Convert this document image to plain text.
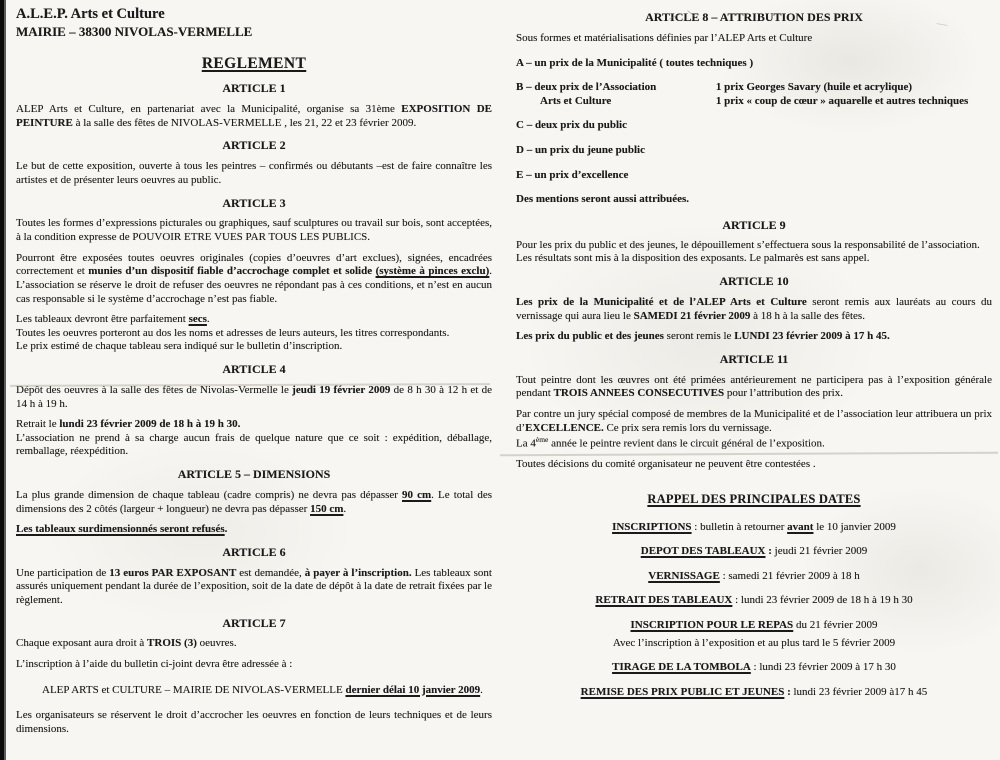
A.L.E.P. Arts et Culture
MAIRIE – 38300 NIVOLAS-VERMELLE
REGLEMENT
ARTICLE 1
ALEP Arts et Culture, en partenariat avec la Municipalité, organise sa 31ème EXPOSITION DE PEINTURE à la salle des fêtes de NIVOLAS-VERMELLE , les 21, 22 et 23 février 2009.
ARTICLE 2
Le but de cette exposition, ouverte à tous les peintres – confirmés ou débutants –est de faire connaître les artistes et de présenter leurs oeuvres au public.
ARTICLE 3
Toutes les formes d’expressions picturales ou graphiques, sauf sculptures ou travail sur bois, sont acceptées, à la condition expresse de POUVOIR ETRE VUES PAR TOUS LES PUBLICS.
Pourront être exposées toutes oeuvres originales (copies d’oeuvres d’art exclues), signées, encadrées correctement et munies d’un dispositif fiable d’accrochage complet et solide (système à pinces exclu). L’association se réserve le droit de refuser des oeuvres ne répondant pas à ces conditions, et n’est en aucun cas responsable si le système d’accrochage n’est pas fiable.
Les tableaux devront être parfaitement secs.
Toutes les oeuvres porteront au dos les noms et adresses de leurs auteurs, les titres correspondants.
Le prix estimé de chaque tableau sera indiqué sur le bulletin d’inscription.
ARTICLE 4
Dépôt des oeuvres à la salle des fêtes de Nivolas-Vermelle le jeudi 19 février 2009 de 8 h 30 à 12 h et de 14 h à 19 h.
Retrait le lundi 23 février 2009 de 18 h à 19 h 30.
L’association ne prend à sa charge aucun frais de quelque nature que ce soit : expédition, déballage, remballage, réexpédition.
ARTICLE 5 – DIMENSIONS
La plus grande dimension de chaque tableau (cadre compris) ne devra pas dépasser 90 cm. Le total des dimensions des 2 côtés (largeur + longueur) ne devra pas dépasser 150 cm.
Les tableaux surdimensionnés seront refusés.
ARTICLE 6
Une participation de 13 euros PAR EXPOSANT est demandée, à payer à l’inscription. Les tableaux sont assurés uniquement pendant la durée de l’exposition, soit de la date de dépôt à la date de retrait fixées par le règlement.
ARTICLE 7
Chaque exposant aura droit à TROIS (3) oeuvres.
L’inscription à l’aide du bulletin ci-joint devra être adressée à :
ALEP ARTS et CULTURE – MAIRIE DE NIVOLAS-VERMELLE dernier délai 10 janvier 2009.
Les organisateurs se réservent le droit d’accrocher les oeuvres en fonction de leurs techniques et de leurs dimensions.
ARTICLE 8 – ATTRIBUTION DES PRIX
Sous formes et matérialisations définies par l’ALEP Arts et Culture
A – un prix de la Municipalité ( toutes techniques )
B – deux prix de l’Association
Arts et Culture
1 prix Georges Savary (huile et acrylique)
1 prix « coup de cœur » aquarelle et autres techniques
C – deux prix du public
D – un prix du jeune public
E – un prix d’excellence
Des mentions seront aussi attribuées.
ARTICLE 9
Pour les prix du public et des jeunes, le dépouillement s’effectuera sous la responsabilité de l’association.
Les résultats sont mis à la disposition des exposants. Le palmarès est sans appel.
ARTICLE 10
Les prix de la Municipalité et de l’ALEP Arts et Culture seront remis aux lauréats au cours du vernissage qui aura lieu le SAMEDI 21 février 2009 à 18 h à la salle des fêtes.
Les prix du public et des jeunes seront remis le LUNDI 23 février 2009 à 17 h 45.
ARTICLE 11
Tout peintre dont les œuvres ont été primées antérieurement ne participera pas à l’exposition générale pendant TROIS ANNEES CONSECUTIVES pour l’attribution des prix.
Par contre un jury spécial composé de membres de la Municipalité et de l’association leur attribuera un prix d’EXCELLENCE. Ce prix sera remis lors du vernissage.
La 4ème année le peintre revient dans le circuit général de l’exposition.
Toutes décisions du comité organisateur ne peuvent être contestées .
RAPPEL DES PRINCIPALES DATES
INSCRIPTIONS : bulletin à retourner avant le 10 janvier 2009
DEPOT DES TABLEAUX : jeudi 21 février 2009
VERNISSAGE : samedi 21 février 2009 à 18 h
RETRAIT DES TABLEAUX : lundi 23 février 2009 de 18 h à 19 h 30
INSCRIPTION POUR LE REPAS du 21 février 2009
Avec l’inscription à l’exposition et au plus tard le 5 février 2009
TIRAGE DE LA TOMBOLA : lundi 23 février 2009 à 17 h 30
REMISE DES PRIX PUBLIC ET JEUNES : lundi 23 février 2009 à17 h 45
